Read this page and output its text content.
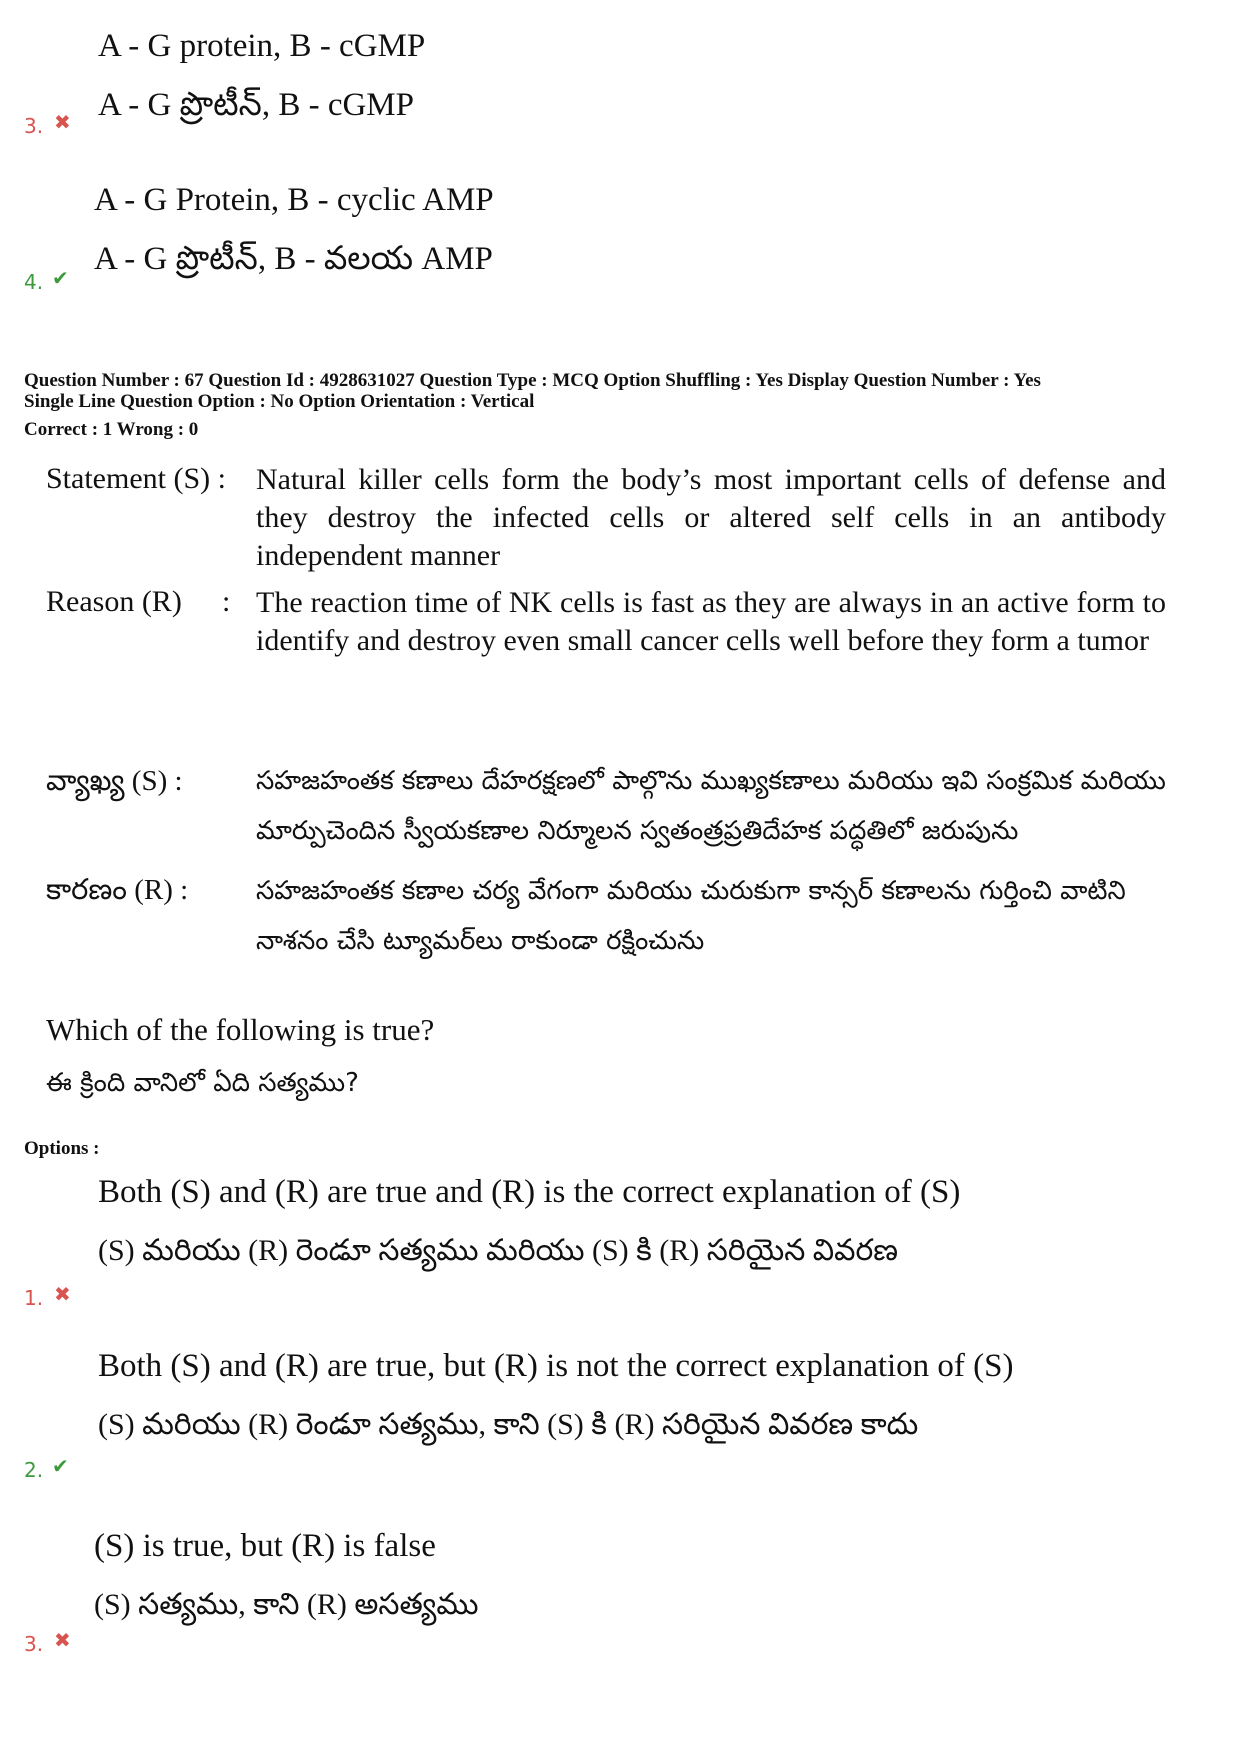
A - G protein, B - cGMP
A - G ప్రొటీన్, B - cGMP
3. ✖
A - G Protein, B - cyclic AMP
A - G ప్రొటీన్, B - వలయ AMP
4. ✔
Question Number : 67 Question Id : 4928631027 Question Type : MCQ Option Shuffling : Yes Display Question Number : Yes
Single Line Question Option : No Option Orientation : Vertical
Correct : 1 Wrong : 0
Statement (S) : Natural killer cells form the body’s most important cells of defense and they destroy the infected cells or altered self cells in an antibody independent manner
Reason (R) : The reaction time of NK cells is fast as they are always in an active form to identify and destroy even small cancer cells well before they form a tumor
వ్యాఖ్య (S) :	సహజహంతక కణాలు దేహరక్షణలో పాల్గొను ముఖ్యకణాలు మరియు ఇవి సంక్రమిక మరియు మార్పుచెందిన స్వీయకణాల నిర్మూలన స్వతంత్రప్రతిదేహక పద్ధతిలో జరుపును
కారణం (R) :	సహజహంతక కణాల చర్య వేగంగా మరియు చురుకుగా కాన్సర్ కణాలను గుర్తించి వాటిని నాశనం చేసి ట్యూమర్‌లు రాకుండా రక్షించును
Which of the following is true?
ఈ క్రింది వానిలో ఏది సత్యము?
Options :
Both (S) and (R) are true and (R) is the correct explanation of (S)
(S) మరియు (R) రెండూ సత్యము మరియు (S) కి (R) సరియైన వివరణ
1. ✖
Both (S) and (R) are true, but (R) is not the correct explanation of (S)
(S) మరియు (R) రెండూ సత్యము, కాని (S) కి (R) సరియైన వివరణ కాదు
2. ✔
(S) is true, but (R) is false
(S) సత్యము, కాని (R) అసత్యము
3. ✖
